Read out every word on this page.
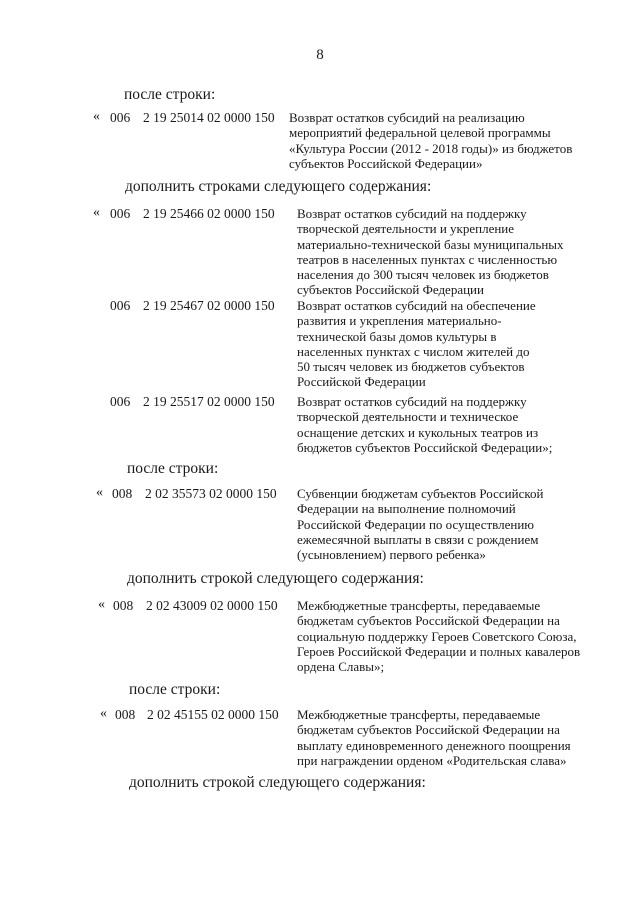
8
после строки:
« 006 2 19 25014 02 0000 150 Возврат остатков субсидий на реализацию
мероприятий федеральной целевой программы
«Культура России (2012 - 2018 годы)» из бюджетов
субъектов Российской Федерации»
дополнить строками следующего содержания:
« 006 2 19 25466 02 0000 150 Возврат остатков субсидий на поддержку
творческой деятельности и укрепление
материально-технической базы муниципальных
театров в населенных пунктах с численностью
населения до 300 тысяч человек из бюджетов
субъектов Российской Федерации
006 2 19 25467 02 0000 150 Возврат остатков субсидий на обеспечение
развития и укрепления материально-
технической базы домов культуры в
населенных пунктах с числом жителей до
50 тысяч человек из бюджетов субъектов
Российской Федерации
006 2 19 25517 02 0000 150 Возврат остатков субсидий на поддержку
творческой деятельности и техническое
оснащение детских и кукольных театров из
бюджетов субъектов Российской Федерации»;
после строки:
« 008 2 02 35573 02 0000 150 Субвенции бюджетам субъектов Российской
Федерации на выполнение полномочий
Российской Федерации по осуществлению
ежемесячной выплаты в связи с рождением
(усыновлением) первого ребенка»
дополнить строкой следующего содержания:
« 008 2 02 43009 02 0000 150 Межбюджетные трансферты, передаваемые
бюджетам субъектов Российской Федерации на
социальную поддержку Героев Советского Союза,
Героев Российской Федерации и полных кавалеров
ордена Славы»;
после строки:
« 008 2 02 45155 02 0000 150 Межбюджетные трансферты, передаваемые
бюджетам субъектов Российской Федерации на
выплату единовременного денежного поощрения
при награждении орденом «Родительская слава»
дополнить строкой следующего содержания:
